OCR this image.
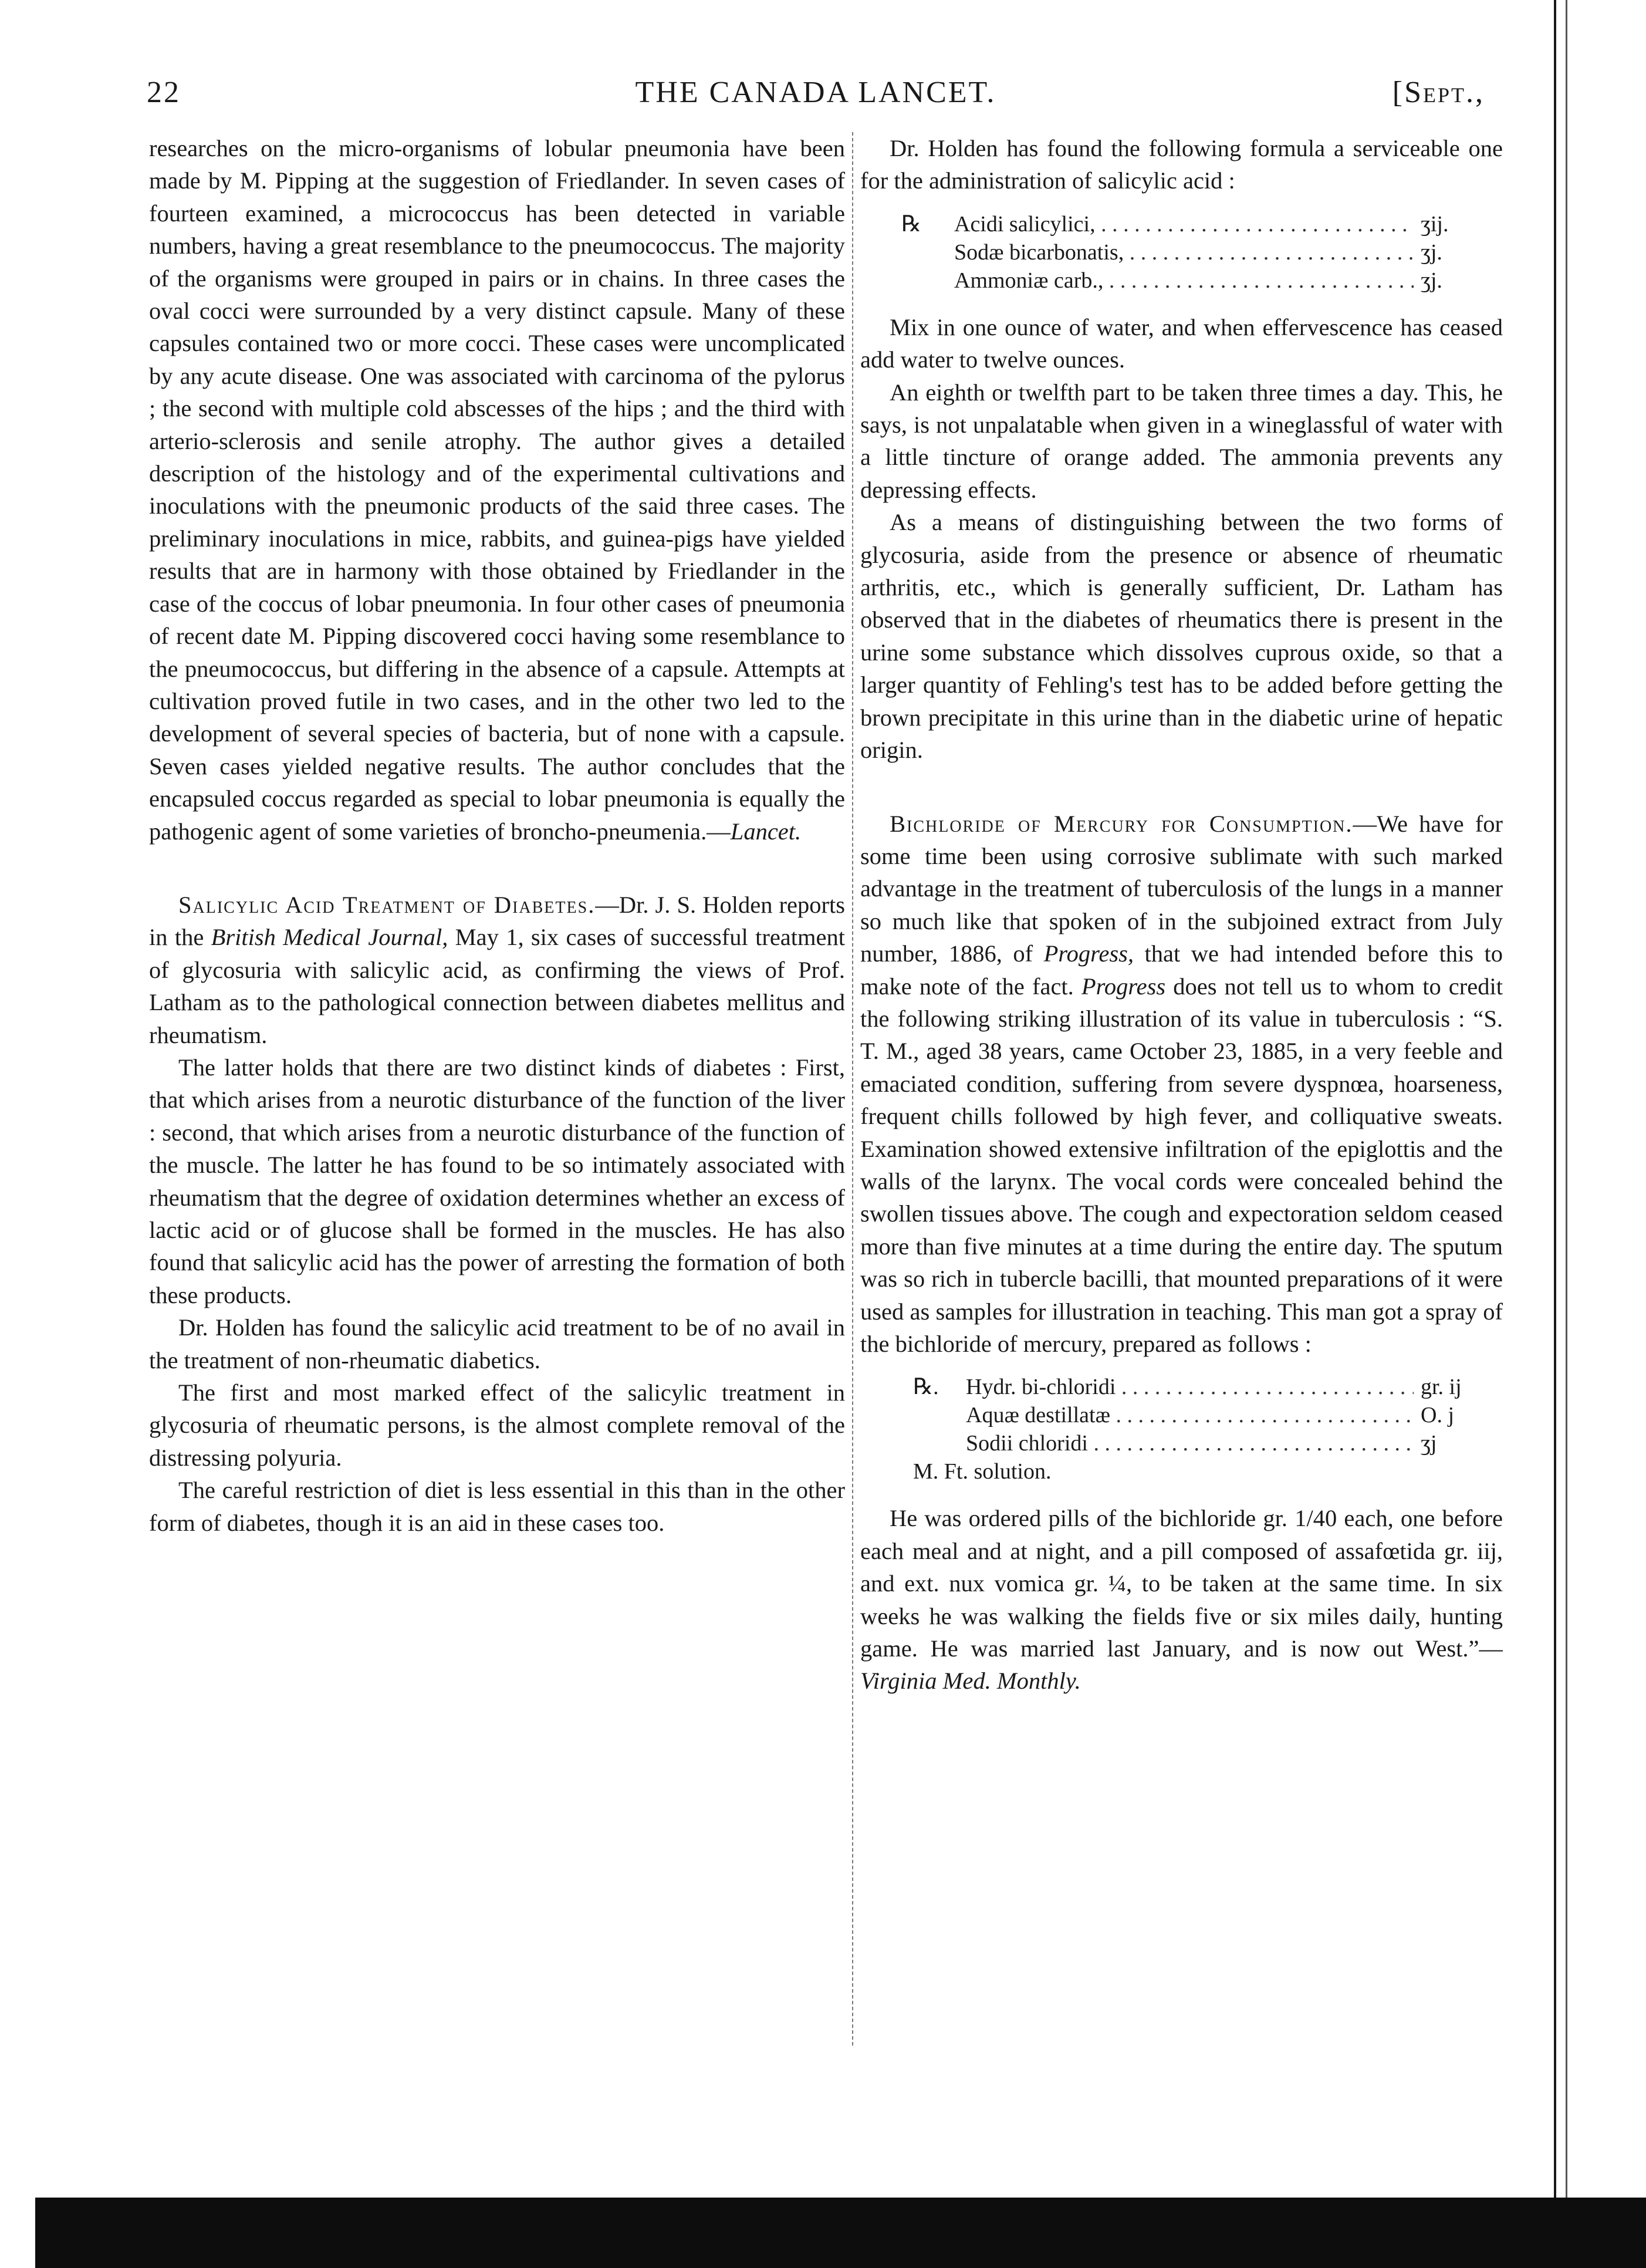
22	THE CANADA LANCET.	[Sept.,

researches on the micro-organisms of lobular pneumonia have been made by M. Pipping at the suggestion of Friedlander. In seven cases of fourteen examined, a micrococcus has been detected in variable numbers, having a great resemblance to the pneumococcus. The majority of the organisms were grouped in pairs or in chains. In three cases the oval cocci were surrounded by a very distinct capsule. Many of these capsules contained two or more cocci. These cases were uncomplicated by any acute disease. One was associated with carcinoma of the pylorus ; the second with multiple cold abscesses of the hips ; and the third with arterio-sclerosis and senile atrophy. The author gives a detailed description of the histology and of the experimental cultivations and inoculations with the pneumonic products of the said three cases. The preliminary inoculations in mice, rabbits, and guinea-pigs have yielded results that are in harmony with those obtained by Friedlander in the case of the coccus of lobar pneumonia. In four other cases of pneumonia of recent date M. Pipping discovered cocci having some resemblance to the pneumococcus, but differing in the absence of a capsule. Attempts at cultivation proved futile in two cases, and in the other two led to the development of several species of bacteria, but of none with a capsule. Seven cases yielded negative results. The author concludes that the encapsuled coccus regarded as special to lobar pneumonia is equally the pathogenic agent of some varieties of broncho-pneumenia.—Lancet.

Salicylic Acid Treatment of Diabetes.—Dr. J. S. Holden reports in the British Medical Journal, May 1, six cases of successful treatment of glycosuria with salicylic acid, as confirming the views of Prof. Latham as to the pathological connection between diabetes mellitus and rheumatism.

The latter holds that there are two distinct kinds of diabetes : First, that which arises from a neurotic disturbance of the function of the liver : second, that which arises from a neurotic disturbance of the function of the muscle. The latter he has found to be so intimately associated with rheumatism that the degree of oxidation determines whether an excess of lactic acid or of glucose shall be formed in the muscles. He has also found that salicylic acid has the power of arresting the formation of both these products.

Dr. Holden has found the salicylic acid treatment to be of no avail in the treatment of non-rheumatic diabetics.

The first and most marked effect of the salicylic treatment in glycosuria of rheumatic persons, is the almost complete removal of the distressing polyuria.

The careful restriction of diet is less essential in this than in the other form of diabetes, though it is an aid in these cases too.

Dr. Holden has found the following formula a serviceable one for the administration of salicylic acid :

℞	Acidi salicylici, . . .	ʒij.
Sodæ bicarbonatis, . . .	ʒj.
Ammoniæ carb., . . .	ʒj.

Mix in one ounce of water, and when effervescence has ceased add water to twelve ounces.

An eighth or twelfth part to be taken three times a day. This, he says, is not unpalatable when given in a wineglassful of water with a little tincture of orange added. The ammonia prevents any depressing effects.

As a means of distinguishing between the two forms of glycosuria, aside from the presence or absence of rheumatic arthritis, etc., which is generally sufficient, Dr. Latham has observed that in the diabetes of rheumatics there is present in the urine some substance which dissolves cuprous oxide, so that a larger quantity of Fehling's test has to be added before getting the brown precipitate in this urine than in the diabetic urine of hepatic origin.

Bichloride of Mercury for Consumption.—We have for some time been using corrosive sublimate with such marked advantage in the treatment of tuberculosis of the lungs in a manner so much like that spoken of in the subjoined extract from July number, 1886, of Progress, that we had intended before this to make note of the fact. Progress does not tell us to whom to credit the following striking illustration of its value in tuberculosis : “S. T. M., aged 38 years, came October 23, 1885, in a very feeble and emaciated condition, suffering from severe dyspnœa, hoarseness, frequent chills followed by high fever, and colliquative sweats. Examination showed extensive infiltration of the epiglottis and the walls of the larynx. The vocal cords were concealed behind the swollen tissues above. The cough and expectoration seldom ceased more than five minutes at a time during the entire day. The sputum was so rich in tubercle bacilli, that mounted preparations of it were used as samples for illustration in teaching. This man got a spray of the bichloride of mercury, prepared as follows :

℞.	Hydr. bi-chloridi . . .	gr. ij
Aquæ destillatæ . . .	O. j
Sodii chloridi . . .	ʒj
M. Ft. solution.

He was ordered pills of the bichloride gr. 1/40 each, one before each meal and at night, and a pill composed of assafœtida gr. iij, and ext. nux vomica gr. ¼, to be taken at the same time. In six weeks he was walking the fields five or six miles daily, hunting game. He was married last January, and is now out West.”—Virginia Med. Monthly.
